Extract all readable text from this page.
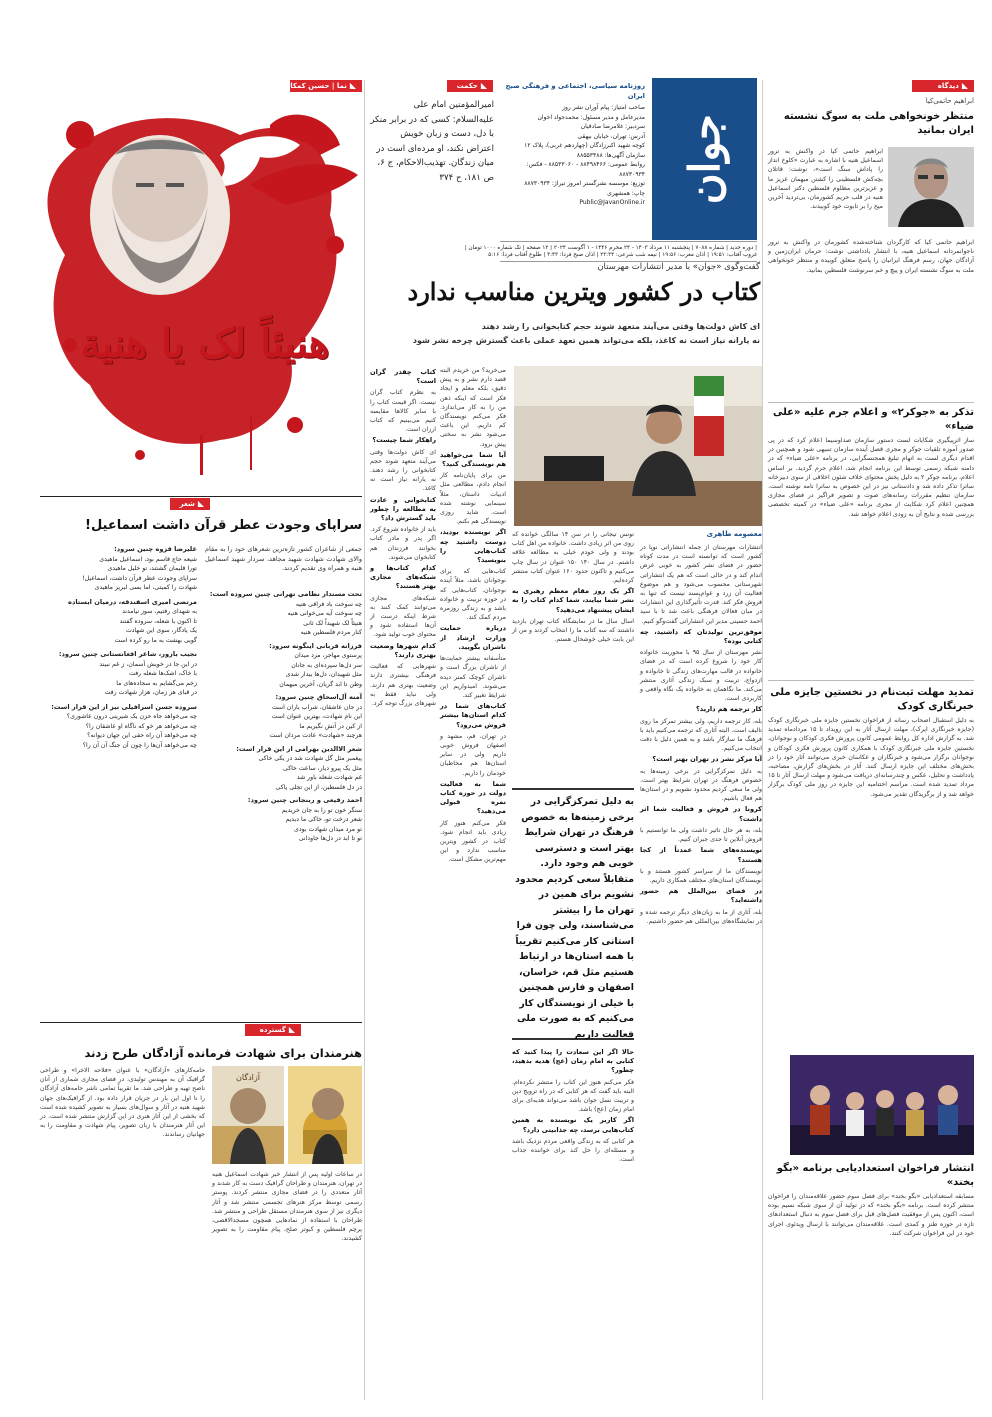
◣نما | حسین کمکار	◣حکمت	◣دیدگاه
هنیئاً لک یا هنیة
امیرالمؤمنین امام علی علیه‌السلام: کسی که در برابر منکر با دل، دست و زبان خویش اعتراض نکند، او مرده‌ای است در میان زندگان. تهذیب‌الاحکام، ج ۶، ص ۱۸۱، ح ۳۷۴
روزنامه سیاسی، اجتماعی و فرهنگی صبح ایران
صاحب امتیاز: پیام آوران نشر روز
مدیرعامل و مدیر مسئول: محمدجواد اخوان
سردبیر: غلامرضا صادقیان
آدرس: تهران، خیابان بیهقی
کوچه شهید اکبرزادگان (چهاردهم غربی)، پلاک ۱۲
سازمان آگهی‌ها: ۸۸۵۵۳۴۸۸
روابط عمومی: ۸۸۴۹۸۴۶۶ - ۸۸۵۳۳۰۶۰ - فکس: ۸۸۷۳۰۹۳۴
توزیع: موسسه نشرگستر امروز تیراژ: ۸۸۷۳۰۹۳۴
چاپ: همشهری
Public@JavanOnline.ir جوان
| دوره جدید | شماره ۷۰۸۸ | پنجشنبه ۱۱ مرداد ۱۴۰۳ - ۲۴ محرم ۱۴۴۶ - ۱ آگوست ۲۰۲۴ | ۱۲ صفحه | تک شماره ۱۰۰۰ تومان |
غروب آفتاب: ۱۹:۵۱ | اذان مغرب: ۱۹:۵۶ | نیمه شب شرعی: ۲۳:۳۴ | اذان صبح فردا: ۳:۴۳ | طلوع آفتاب فردا: ۵:۱۶
ابراهیم حاتمی‌کیا
منتظر خونخواهی ملت به سوگ نشسته ایران بمانید
ابراهیم حاتمی کیا در واکنش به ترور اسماعیل هنیه با اشاره به عبارت «کلوخ انداز را پاداش سنگ است»، نوشت: قاتلان بچه‌کش فلسطینی را کشتن میهمان عزیز ما و عزیزترین مظلوم فلسطین دکتر اسماعیل هنیه در قلب حریم کشورمان، بی‌تردید آخرین میخ را بر تابوت خود کوبیدند.
ابراهیم حاتمی کیا که کارگردان شناخته‌شده کشورمان در واکنش به ترور ناجوانمردانه اسماعیل هنیه، با انتشار یادداشتی نوشت: حرمان ایران‌زمین و آزادگان جهان، رسم فرهنگ ایرانیان را پاسخ متعلق کوبیده و منتظر خونخواهی ملت به سوگ نشسته ایران و پیچ‌ و‌ خم سرنوشت فلسطین بمانید.
تذکر به «جوکر۲» و اعلام جرم علیه «علی ضیاء»
ساز اثرپیگیری شکایات لست دستور سازمان صداوسیما اعلام کرد که در پی صدور آموزه تلقیات جوکر و مجری قصل آینده سازمان تنبیهی شود و همچنین در اقدام دیگری لست به اتهام تبلیغ همجنسگرایی، در برنامه «علی ضیاء» که در دامنه شبکه رسمی توسط این برنامه انجام شد، اعلام جرم گردید. بر اساس اعلام، برنامه جوکر ۲ به دلیل پخش محتوای خلاف شئون اخلاقی از سوی دبیرخانه ساترا تذکر داده شد و دادستانی نیز در این خصوص به ساترا نامه نوشته است. سازمان تنظیم مقررات رسانه‌های صوت و تصویر فراگیر در فضای مجازی همچنین اعلام کرد شکایت از مجری برنامه «علی ضیاء» در کمیته تخصصی بررسی شده و نتایج آن به زودی اعلام خواهد شد.
تمدید مهلت ثبت‌نام در نخستین جایزه ملی خبرنگاری کودک
به دلیل استقبال اصحاب رسانه از فراخوان نخستین جایزه ملی خبرنگاری کودک (جایزه خبرنگاری اپرک)، مهلت ارسال آثار به این رویداد تا ۱۵ مردادماه تمدید شد. به گزارش اداره کل روابط عمومی کانون پرورش فکری کودکان و نوجوانان، نخستین جایزه ملی خبرنگاری کودک با همکاری کانون پرورش فکری کودکان و نوجوانان برگزار می‌شود و خبرنگاران و عکاسان خبری می‌توانند آثار خود را در بخش‌های مختلف این جایزه ارسال کنند. آثار در بخش‌های گزارش، مصاحبه، یادداشت و تحلیل، عکس و چندرسانه‌ای دریافت می‌شود و مهلت ارسال آثار تا ۱۵ مرداد تمدید شده است. مراسم اختتامیه این جایزه در روز ملی کودک برگزار خواهد شد و از برگزیدگان تقدیر می‌شود.
انتشار فراخوان استعدادیابی برنامه «بگو بخند»
مسابقه استعدادیابی «بگو بخند» برای فصل سوم حضور علاقه‌مندان را فراخوان منتشر کرده است. برنامه «بگو بخند» که در تولید آن از سوی شبکه نسیم بوده است، اکنون پس از موفقیت فصل‌های قبل برای فصل سوم به دنبال استعدادهای تازه در حوزه طنز و کمدی است. علاقه‌مندان می‌توانند با ارسال ویدئوی اجرای خود در این فراخوان شرکت کنند.
گفت‌وگوی «جوان» با مدیر انتشارات مهرستان
کتاب در کشور ویترین مناسب ندارد
ای کاش دولت‌ها وقتی می‌آیند متعهد شوند حجم کتابخوانی را رشد دهند
نه یارانه نیاز است نه کاغذ، بلکه می‌تواند همین تعهد عملی باعث گسترش چرخه نشر شود
معصومه طاهری

انتشارات مهرستان از جمله انتشاراتی نوپا در کشور است که توانسته است در مدت کوتاه حضور در فضای نشر کشور به خوبی عرض اندام کند و در حالی است که هم یک انتشاراتی شهرستانی محسوب می‌شود و هم موضوع فعالیت آن زرد و عوام‌پسند نیست که تنها به فروش فکر کند. قدرت تأثیرگذاری این انتشارات در میان فعالان فرهنگی باعث شد تا با سید احمد حسینی مدیر این انتشاراتی گفت‌وگو کنیم.

موفق‌ترین تولیدتان که داشتید، چه کتابی بوده؟

نشر مهرستان از سال ۹۵ با محوریت خانواده کار خود را شروع کرده است که در فضای خانواده در قالب مهارت‌های زندگی تا خانواده و ازدواج، تربیت و سبک زندگی آثاری منتشر می‌کند. ما نگاهمان به خانواده یک نگاه واقعی و کاربردی است.

کار ترجمه هم دارید؟

بله، کار ترجمه داریم، ولی بیشتر تمرکز ما روی تالیف است. البته آثاری که ترجمه می‌کنیم باید با فرهنگ ما سازگار باشد و به همین دلیل با دقت انتخاب می‌کنیم.

آیا مرکز نشر در تهران بهتر است؟

به دلیل تمرکزگرایی در برخی زمینه‌ها به خصوص فرهنگ در تهران شرایط بهتر است. ولی ما سعی کردیم محدود نشویم و در استان‌ها هم فعال باشیم.

کرونا در فروش و فعالیت شما اثر داشت؟

بله، به هر حال تاثیر داشت ولی ما توانستیم با فروش آنلاین تا حدی جبران کنیم.

نویسنده‌های شما عمدتاً از کجا هستند؟

نویسندگان ما از سراسر کشور هستند و با نویسندگان استان‌های مختلف همکاری داریم.

در فضای بین‌الملل هم حضور داشته‌اید؟

بله، آثاری از ما به زبان‌های دیگر ترجمه شده و در نمایشگاه‌های بین‌المللی هم حضور داشتیم.

تونس تیجانی را در سن ۱۴ سالگی خوانده که روی من اثر زیادی داشت. خانواده من اهل کتاب بودند و ولی خودم خیلی به مطالعه علاقه داشتم. در سال ۱۴۰ ۱۵۰ عنوان در سال چاپ می‌کنیم و تاکنون حدود ۱۶۰ عنوان کتاب منتشر کرده‌ایم.

اگر یک روز مقام معظم رهبری به نشر شما بیایند، شما کدام کتاب را به ایشان پیشنهاد می‌دهید؟

اسال سال ما در نمایشگاه کتاب تهران بازدید داشتند که سه کتاب ما را انتخاب کردند و من از این بابت خیلی خوشحال هستم.

به دلیل تمرکزگرایی در برخی زمینه‌ها به خصوص فرهنگ در تهران شرایط بهتر است و دسترسی خوبی هم وجود دارد. متقابلاً سعی کردیم محدود نشویم برای همین در تهران ما را بیشتر می‌شناسند، ولی چون فرا استانی کار می‌کنیم تقریباً با همه استان‌ها در ارتباط هستیم مثل قم، خراسان، اصفهان و فارس همچنین با خیلی از نویسندگان کار می‌کنیم که به صورت ملی فعالیت داریم
حالا اگر این سعادت را پیدا کنید که کتابی به امام زمان (عج) هدیه بدهید، چطور؟

فکر می‌کنم هنوز این کتاب را منتشر نکرده‌ام. البته باید گفت که هر کتابی که در راه ترویج دین و تربیت نسل جوان باشد می‌تواند هدیه‌ای برای امام زمان (عج) باشد.

اگر کاربر یک نویسنده به همین کتاب‌هایی برسد، چه جذابیتی دارد؟

هر کتابی که به زندگی واقعی مردم نزدیک باشد و مسئله‌ای را حل کند برای خواننده جذاب است.

می‌خرید؟ من خریدم البته قصد دارم نشر و به پیش دقیق، بلکه معلم و ایجاد فکر است که اینکه ذهن من را به کار می‌اندازد. فکر می‌کنم نویسندگان کم داریم. این باعث می‌شود نشر به سختی پیش برود.

آیا شما می‌خواهید هم نویسندگی کنید؟

من برای پایان‌نامه کار انجام دادم، مطالعی مثل ادبیات داستان، مثلاً سینمایی نوشته شده است. شاید روزی نویسندگی هم بکنم.

اگر نویسنده بودید، دوست داشتید چه کتاب‌هایی را بنویسید؟

کتاب‌هایی که برای نوجوانان باشد، مثلاً آینده نوجوانان. کتاب‌هایی که در حوزه تربیت و خانواده باشد و به زندگی روزمره مردم کمک کند.

درباره حمایت وزارت ارشاد از ناشران بگویید.

متأسفانه بیشتر حمایت‌ها از ناشران بزرگ است و ناشران کوچک کمتر دیده می‌شوند. امیدواریم این شرایط تغییر کند.

کتاب‌های شما در کدام استان‌ها بیشتر فروش می‌رود؟

در تهران، قم، مشهد و اصفهان فروش خوبی داریم ولی در سایر استان‌ها هم مخاطبان خودمان را داریم.

شما به فعالیت دولت در حوزه کتاب نمره قبولی می‌دهید؟

فکر می‌کنم هنوز کار زیادی باید انجام شود. کتاب در کشور ویترین مناسب ندارد و این مهم‌ترین مشکل است.

کتاب چقدر گران است؟

به نظرم کتاب گران نیست. اگر قیمت کتاب را با سایر کالاها مقایسه کنیم می‌بینیم که کتاب ارزان است.

راهکار شما چیست؟

ای کاش دولت‌ها وقتی می‌آیند متعهد شوند حجم کتابخوانی را رشد دهند. نه یارانه نیاز است نه کاغذ.

کتابخوانی و عادت به مطالعه را چطور باید گسترش داد؟

باید از خانواده شروع کرد. اگر پدر و مادر کتاب بخوانند فرزندان هم کتابخوان می‌شوند.

کدام کتاب‌ها و شبکه‌های مجازی بهتر هستند؟

شبکه‌های مجازی می‌توانند کمک کنند به شرط اینکه درست از آن‌ها استفاده شود و محتوای خوب تولید شود.

کدام شهرها وضعیت بهتری دارند؟

شهرهایی که فعالیت فرهنگی بیشتری دارند وضعیت بهتری هم دارند. ولی نباید فقط به شهرهای بزرگ توجه کرد.

◣شعر
سراپای وجودت عطر قرآن داشت اسماعیل!
جمعی از شاعران کشور تازه‌ترین شعرهای خود را به مقام والای شهادت شهادت شهید مجاهد، سردار شهید اسماعیل هنیه و همراه وی تقدیم کردند.
تحت مستدار نظامی تهرانی چنین سروده است:
چه سوخت باد فراقی هنیه
چه سوخت آیه می‌خوانی هنیه
هنیئاً لک شهیداً لک ثانی
کنار مردم فلسطین هنیه
فرزانه قربانی اینگونه سرود:
پرستوی مهاجر، مرد میدان
سر دل‌ها سپرده‌ای به جانان
مثل شهیدان، دل‌ها بیدار شدی
وطن تا ابد گریان، آخرین میهمان
آمنه آل‌اسحاق چنین سرود:
در جان عاشقان، شراب باران است
این نام شهادت، بهترین عنوان است
از کین در آتش نگیریم ما
هرچند «شهادت» عادت مردان است
شعر الاالدین بهرامی از این قرار است:
پیغمبر مثل گل شهادت شد در یکی خاکی
مثل یک پیرو دیار، ساعت خاکی
غم شهادت شعله باور شد
در دل فلسطین، از این تجلی پاکی
احمد رفیعی و ربنجانی چنین سرود:
سنگر خون تو را به جان خریدیم
شعر درخت تو، خاکی ما دیدیم
تو مرد میدان شهادت بودی
تو تا ابد در دل‌ها جاودانی
علیرضا قزوه چنین سرود:
شیعه حاج قاسم بود، اسماعیل ماهیدی
تورا قلیمان گشتند، تو خلیل ماهیدی
سراپای وجودت عطر قرآن داشت، اسماعیل!
شهادت را کمیتی، اما بسی لبریز ماهیدی
مرتضی امیری اسفندقه، درمیان ایستاده
به شهدای رفتیم، سوز نیامدند
تا اکنون با شعله، سروده گفتند
یک یادگار، سوی این شهادت
گویی بهشت به ما رو کرده است
نجیب بارور، شاعر افغانستانی چنین سرود:
در این جا در خویش آسمان، ز غم نبیند
با خاک، اشک‌ها شعله رفت
زخم می‌گشایم به سجاده‌های ما
در قبای هر زمان، هزار شهادت رفت
سروده حسن اسرافیلی نیز از این قرار است:
چه می‌خواهد جاه حزن یک شیرینی درون عاشوری؟
چه می‌خواهد هر خو که ناگاه او عاشقان را؟
چه می‌خواهد آن راه حقی این جهان دیوانه؟
چه می‌خواهد آن‌ها را چون آن جنگ آن آن را؟
◣گسترده
هنرمندان برای شهادت فرمانده آزادگان طرح زدند
آزادگان
حامه‌کارهای «آزادگان» با عنوان «فلاحه الاخرا» و طراحی گرافیک آن به مهندس تولیدی، در فضای مجازی شماری از آنان ناصح تهیه و طراحی شد. ما تقریباً تمامی ناشر حامه‌های آزادگان را تا اول این بار در جریان قرار داده بود. از گرافیک‌های جهان شهید هنیه در آثار و سوال‌های بسیار به تصویر کشیده شده است که بخشی از این آثار هنری در این گزارش منتشر شده است. در این آثار هنرمندان با زبان تصویر، پیام شهادت و مقاومت را به جهانیان رساندند.
در ساعات اولیه پس از انتشار خبر شهادت اسماعیل هنیه در تهران، هنرمندان و طراحان گرافیک دست به کار شدند و آثار متعددی را در فضای مجازی منتشر کردند. پوستر رسمی توسط مرکز هنرهای تجسمی منتشر شد و آثار دیگری نیز از سوی هنرمندان مستقل طراحی و منتشر شد. طراحان با استفاده از نمادهایی همچون مسجدالاقصی، پرچم فلسطین و کبوتر صلح، پیام مقاومت را به تصویر کشیدند.
